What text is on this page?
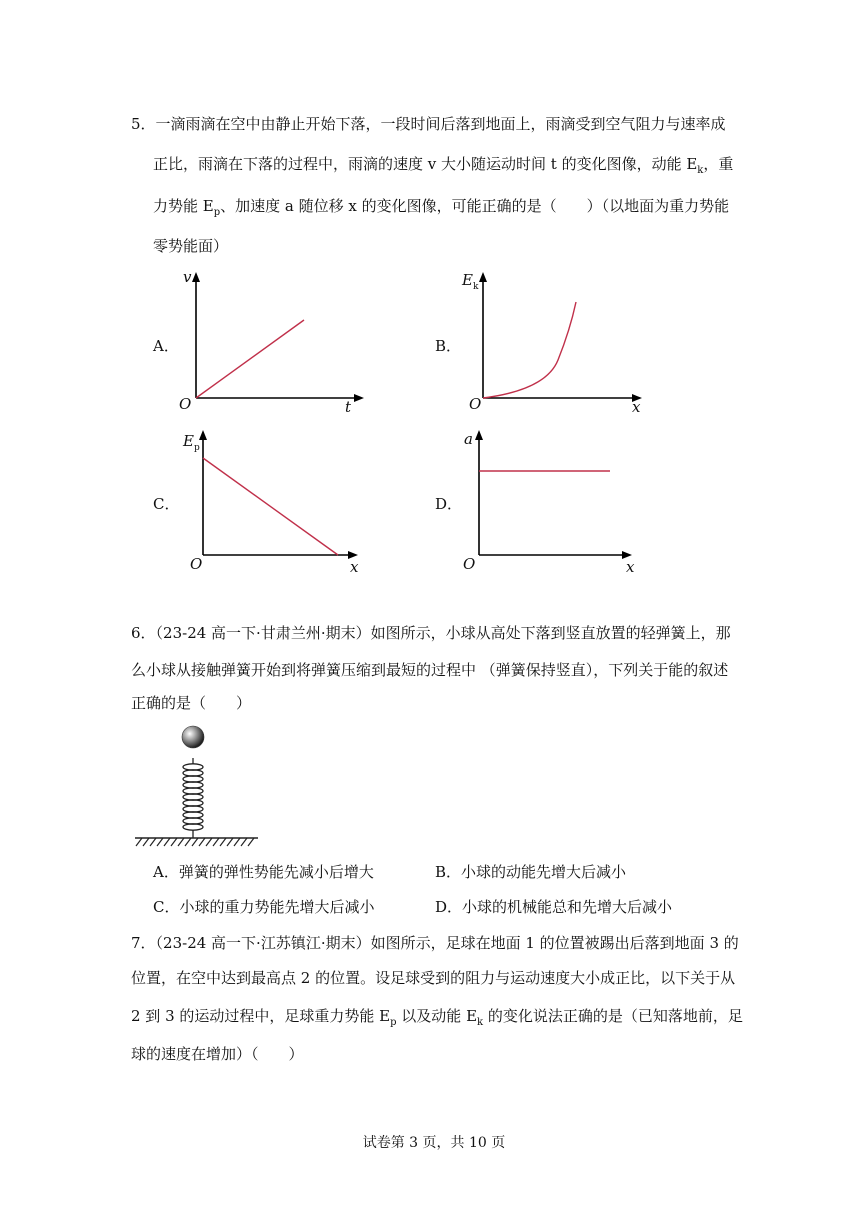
5．一滴雨滴在空中由静止开始下落，一段时间后落到地面上，雨滴受到空气阻力与速率成
正比，雨滴在下落的过程中，雨滴的速度 v 大小随运动时间 t 的变化图像，动能 $E_k$，重
力势能 $E_p$、加速度 a 随位移 x 的变化图像，可能正确的是（　　）（以地面为重力势能
零势能面）
A．
v
t
O
B．
$E_k$
x
O
C．
$E_p$
x
O
D．
a
x
O
6．（23-24 高一下·甘肃兰州·期末）如图所示，小球从高处下落到竖直放置的轻弹簧上，那
么小球从接触弹簧开始到将弹簧压缩到最短的过程中 （弹簧保持竖直），下列关于能的叙述
正确的是（　　）
A．弹簧的弹性势能先减小后增大	B．小球的动能先增大后减小
C．小球的重力势能先增大后减小	D．小球的机械能总和先增大后减小
7．（23-24 高一下·江苏镇江·期末）如图所示，足球在地面 1 的位置被踢出后落到地面 3 的
位置，在空中达到最高点 2 的位置。设足球受到的阻力与运动速度大小成正比，以下关于从
2 到 3 的运动过程中，足球重力势能 $E_p$ 以及动能 $E_k$ 的变化说法正确的是（已知落地前，足
球的速度在增加）（　　）
试卷第 3 页，共 10 页
